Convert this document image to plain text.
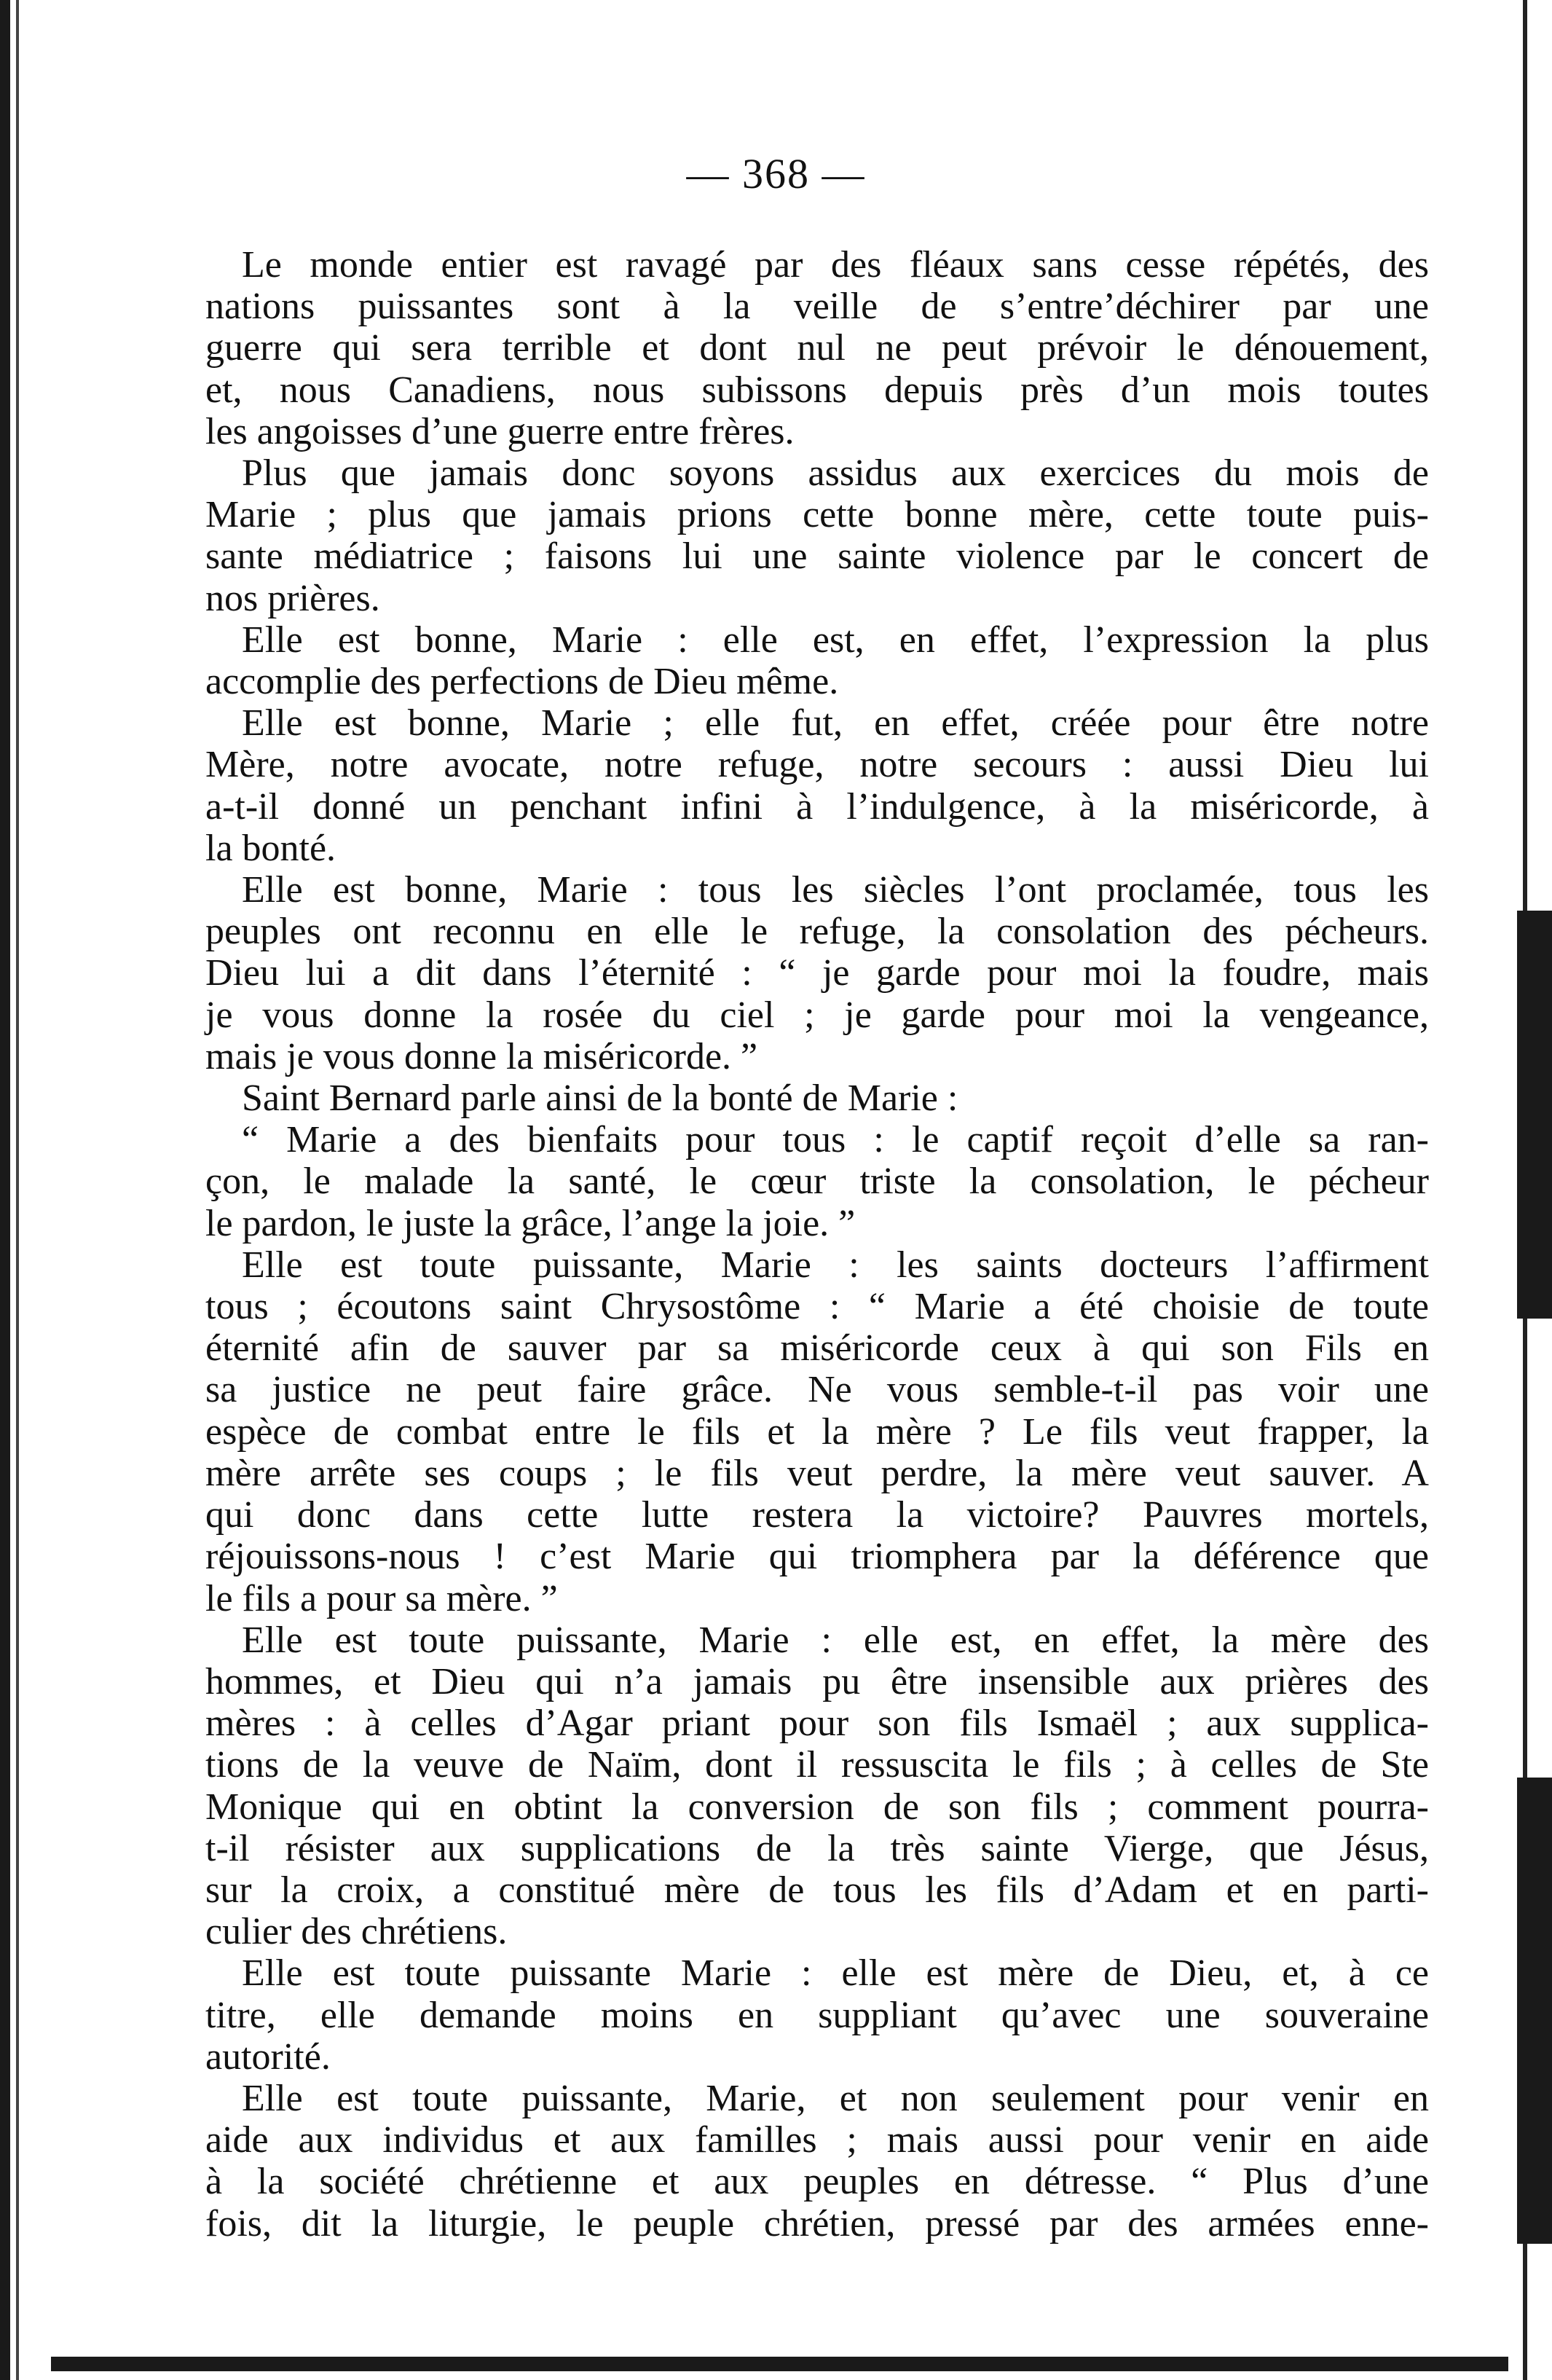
— 368 —
Le monde entier est ravagé par des fléaux sans cesse répétés, des
nations puissantes sont à la veille de s’entre’déchirer par une
guerre qui sera terrible et dont nul ne peut prévoir le dénouement,
et, nous Canadiens, nous subissons depuis près d’un mois toutes
les angoisses d’une guerre entre frères.
Plus que jamais donc soyons assidus aux exercices du mois de
Marie ; plus que jamais prions cette bonne mère, cette toute puis-
sante médiatrice ; faisons lui une sainte violence par le concert de
nos prières.
Elle est bonne, Marie : elle est, en effet, l’expression la plus
accomplie des perfections de Dieu même.
Elle est bonne, Marie ; elle fut, en effet, créée pour être notre
Mère, notre avocate, notre refuge, notre secours : aussi Dieu lui
a-t-il donné un penchant infini à l’indulgence, à la miséricorde, à
la bonté.
Elle est bonne, Marie : tous les siècles l’ont proclamée, tous les
peuples ont reconnu en elle le refuge, la consolation des pécheurs.
Dieu lui a dit dans l’éternité : “ je garde pour moi la foudre, mais
je vous donne la rosée du ciel ; je garde pour moi la vengeance,
mais je vous donne la miséricorde. ”
Saint Bernard parle ainsi de la bonté de Marie :
“ Marie a des bienfaits pour tous : le captif reçoit d’elle sa ran-
çon, le malade la santé, le cœur triste la consolation, le pécheur
le pardon, le juste la grâce, l’ange la joie. ”
Elle est toute puissante, Marie : les saints docteurs l’affirment
tous ; écoutons saint Chrysostôme : “ Marie a été choisie de toute
éternité afin de sauver par sa miséricorde ceux à qui son Fils en
sa justice ne peut faire grâce. Ne vous semble-t-il pas voir une
espèce de combat entre le fils et la mère ? Le fils veut frapper, la
mère arrête ses coups ; le fils veut perdre, la mère veut sauver. A
qui donc dans cette lutte restera la victoire? Pauvres mortels,
réjouissons-nous ! c’est Marie qui triomphera par la déférence que
le fils a pour sa mère. ”
Elle est toute puissante, Marie : elle est, en effet, la mère des
hommes, et Dieu qui n’a jamais pu être insensible aux prières des
mères : à celles d’Agar priant pour son fils Ismaël ; aux supplica-
tions de la veuve de Naïm, dont il ressuscita le fils ; à celles de Ste
Monique qui en obtint la conversion de son fils ; comment pourra-
t-il résister aux supplications de la très sainte Vierge, que Jésus,
sur la croix, a constitué mère de tous les fils d’Adam et en parti-
culier des chrétiens.
Elle est toute puissante Marie : elle est mère de Dieu, et, à ce
titre, elle demande moins en suppliant qu’avec une souveraine
autorité.
Elle est toute puissante, Marie, et non seulement pour venir en
aide aux individus et aux familles ; mais aussi pour venir en aide
à la société chrétienne et aux peuples en détresse. “ Plus d’une
fois, dit la liturgie, le peuple chrétien, pressé par des armées enne-
